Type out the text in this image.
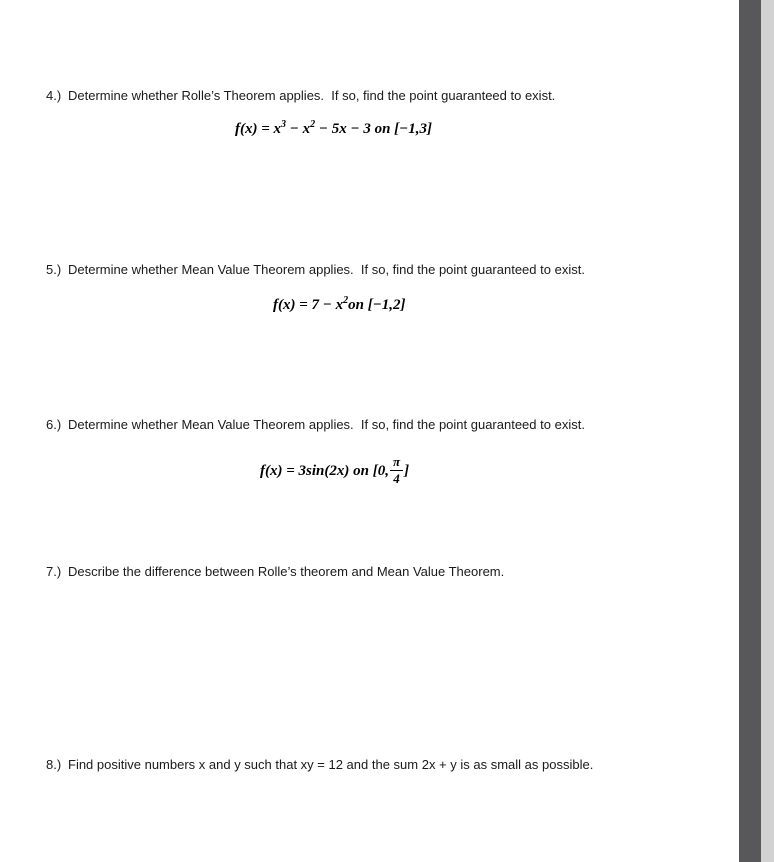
4.) Determine whether Rolle’s Theorem applies.  If so, find the point guaranteed to exist.

$f(x) = x^3 - x^2 - 5x - 3$ on [−1,3]

5.) Determine whether Mean Value Theorem applies.  If so, find the point guaranteed to exist.

$f(x) = 7 - x^2on$ [−1,2]

6.) Determine whether Mean Value Theorem applies.  If so, find the point guaranteed to exist.

f(x) = 3sin(2x) on [0, $\frac{\pi}{4}$ ]

7.) Describe the difference between Rolle’s theorem and Mean Value Theorem.
8.) Find positive numbers x and y such that xy = 12 and the sum 2x + y is as small as possible.
